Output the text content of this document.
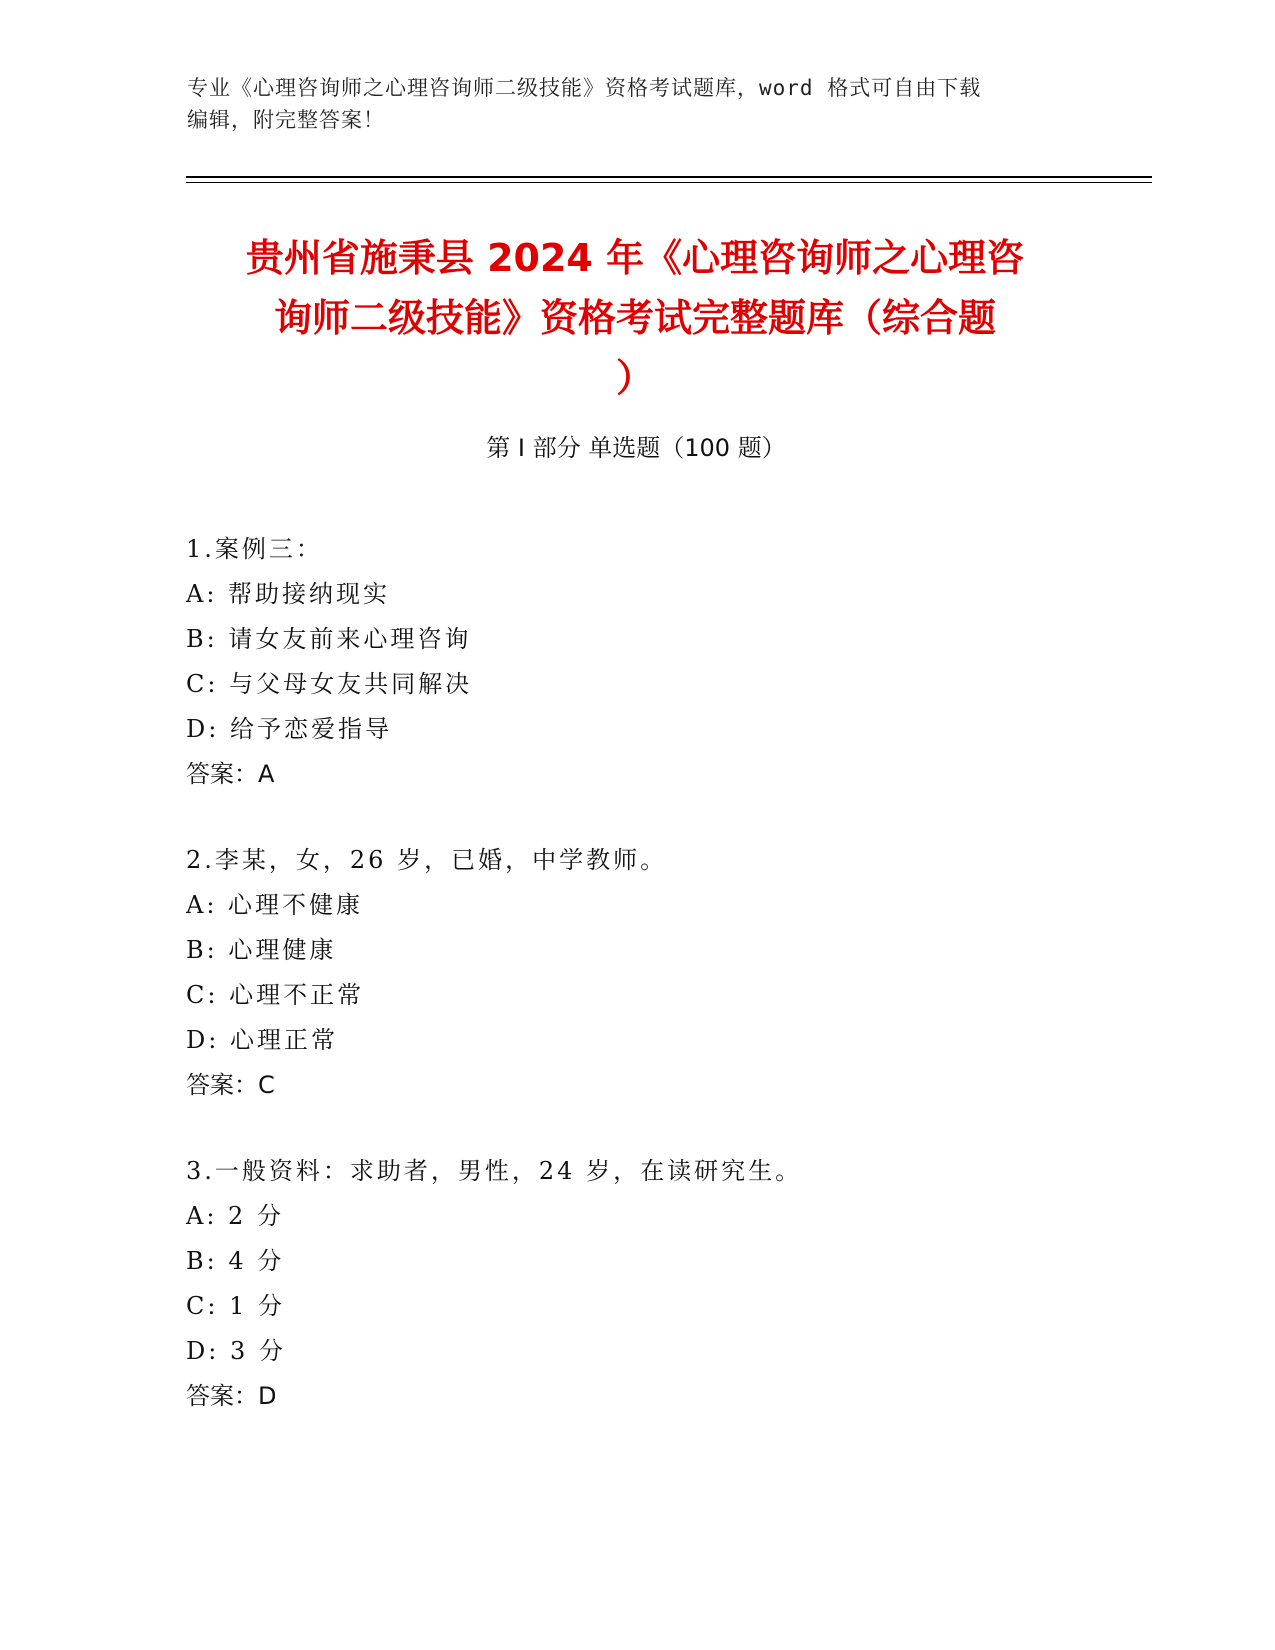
专业《心理咨询师之心理咨询师二级技能》资格考试题库，word 格式可自由下载
编辑，附完整答案！
贵州省施秉县 2024 年《心理咨询师之心理咨
询师二级技能》资格考试完整题库（综合题
）
第 I 部分 单选题（100 题）
1.案例三：
A: 帮助接纳现实
B: 请女友前来心理咨询
C: 与父母女友共同解决
D: 给予恋爱指导
答案：A
2.李某，女，26 岁，已婚，中学教师。
A: 心理不健康
B: 心理健康
C: 心理不正常
D: 心理正常
答案：C
3.一般资料：求助者，男性，24 岁，在读研究生。
A: 2 分
B: 4 分
C: 1 分
D: 3 分
答案：D
